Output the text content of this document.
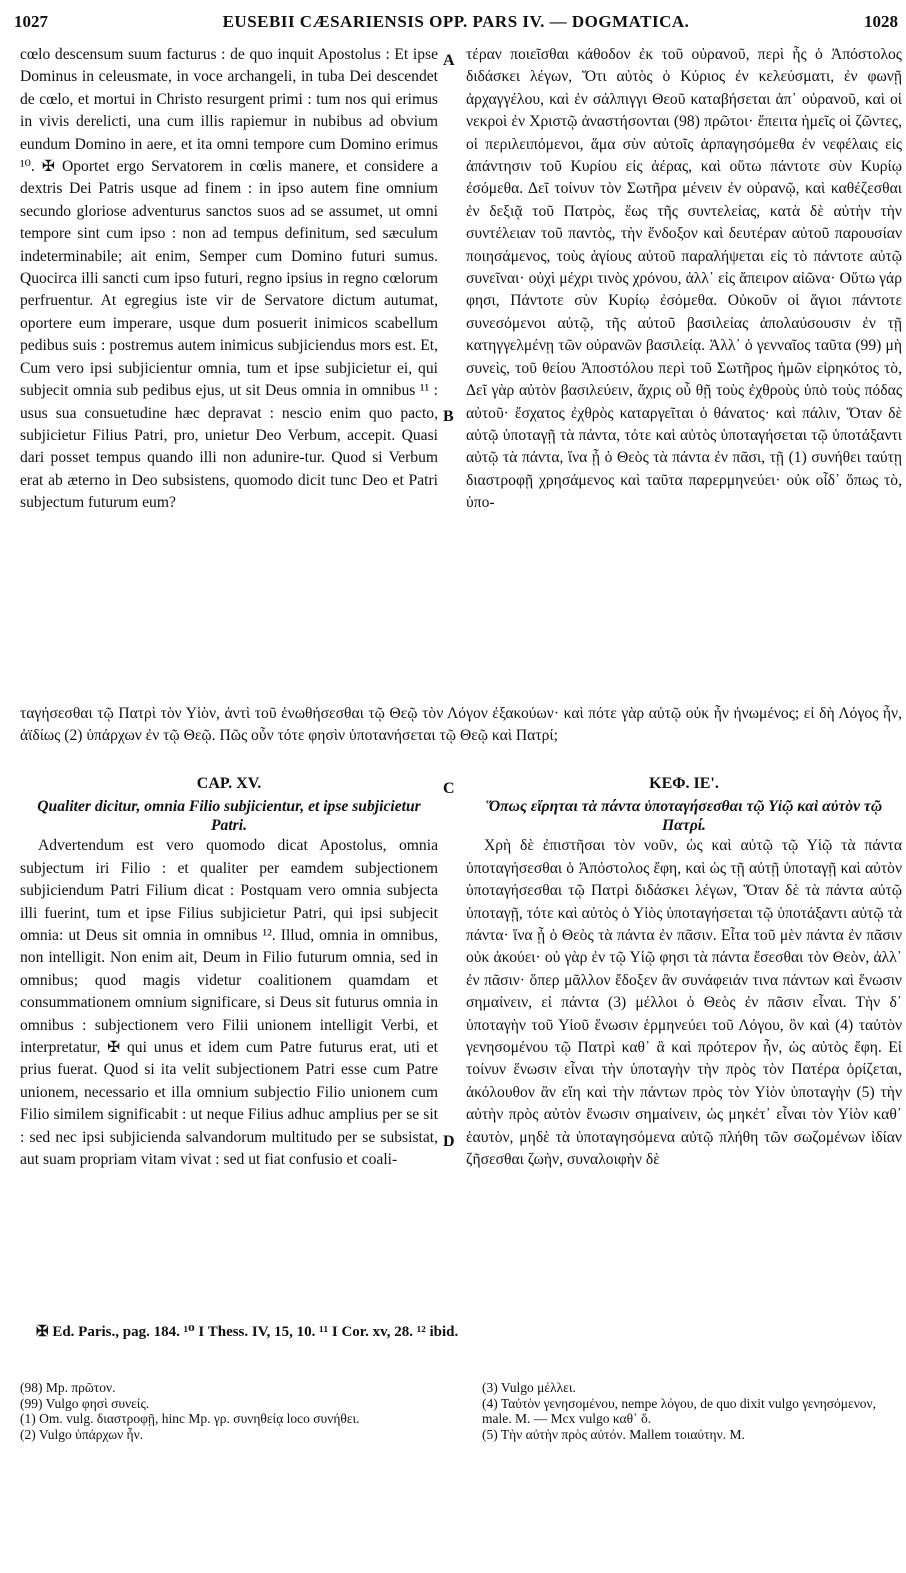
1027	EUSEBII CÆSARIENSIS OPP. PARS IV. — DOGMATICA.	1028

cœlo descensum suum facturus : de quo inquit Apostolus : Et ipse Dominus in celeusmate, in voce archangeli, in tuba Dei descendet de cœlo, et mortui in Christo resurgent primi : tum nos qui erimus in vivis derelicti, una cum illis rapiemur in nubibus ad obvium eundum Domino in aere, et ita omni tempore cum Domino erimus ¹⁰. ✠ Oportet ergo Servatorem in cœlis manere, et considere a dextris Dei Patris usque ad finem : in ipso autem fine omnium secundo gloriose adventurus sanctos suos ad se assumet, ut omni tempore sint cum ipso : non ad tempus definitum, sed sæculum indeterminabile; ait enim, Semper cum Domino futuri sumus. Quocirca illi sancti cum ipso futuri, regno ipsius in regno cœlorum perfruentur. At egregius iste vir de Servatore dictum autumat, oportere eum imperare, usque dum posuerit inimicos scabellum pedibus suis : postremus autem inimicus subjiciendus mors est. Et, Cum vero ipsi subjicientur omnia, tum et ipse subjicietur ei, qui subjecit omnia sub pedibus ejus, ut sit Deus omnia in omnibus ¹¹ : usus sua consuetudine hæc depravat : nescio enim quo pacto, subjicietur Filius Patri, pro, unietur Deo Verbum, accepit. Quasi dari posset tempus quando illi non adunire-tur. Quod si Verbum erat ab æterno in Deo subsistens, quomodo dicit tunc Deo et Patri subjectum futurum eum?

τέραν ποιεῖσθαι κάθοδον ἐκ τοῦ οὐρανοῦ, περὶ ἧς ὁ Ἀπόστολος διδάσκει λέγων, Ὅτι αὐτὸς ὁ Κύριος ἐν κελεύσματι, ἐν φωνῇ ἀρχαγγέλου, καὶ ἐν σάλπιγγι Θεοῦ καταβήσεται ἀπ᾽ οὐρανοῦ, καὶ οἱ νεκροὶ ἐν Χριστῷ ἀναστήσονται (98) πρῶτοι· ἔπειτα ἡμεῖς οἱ ζῶντες, οἱ περιλειπόμενοι, ἅμα σὺν αὐτοῖς ἁρπαγησόμεθα ἐν νεφέλαις εἰς ἀπάντησιν τοῦ Κυρίου εἰς ἀέρας, καὶ οὕτω πάντοτε σὺν Κυρίῳ ἐσόμεθα. Δεῖ τοίνυν τὸν Σωτῆρα μένειν ἐν οὐρανῷ, καὶ καθέζεσθαι ἐν δεξιᾷ τοῦ Πατρὸς, ἕως τῆς συντελείας, κατὰ δὲ αὐτὴν τὴν συντέλειαν τοῦ παντὸς, τὴν ἔνδοξον καὶ δευτέραν αὐτοῦ παρουσίαν ποιησάμενος, τοὺς ἁγίους αὐτοῦ παραλήψεται εἰς τὸ πάντοτε αὐτῷ συνεῖναι· οὐχὶ μέχρι τινὸς χρόνου, ἀλλ᾽ εἰς ἄπειρον αἰῶνα· Οὕτω γάρ φησι, Πάντοτε σὺν Κυρίῳ ἐσόμεθα. Οὐκοῦν οἱ ἅγιοι πάντοτε συνεσόμενοι αὐτῷ, τῆς αὐτοῦ βασιλείας ἀπολαύσουσιν ἐν τῇ κατηγγελμένῃ τῶν οὐρανῶν βασιλείᾳ. Ἀλλ᾽ ὁ γενναῖος ταῦτα (99) μὴ συνεὶς, τοῦ θείου Ἀποστόλου περὶ τοῦ Σωτῆρος ἡμῶν εἰρηκότος τὸ, Δεῖ γὰρ αὐτὸν βασιλεύειν, ἄχρις οὗ θῇ τοὺς ἐχθροὺς ὑπὸ τοὺς πόδας αὐτοῦ· ἔσχατος ἐχθρὸς καταργεῖται ὁ θάνατος· καὶ πάλιν, Ὅταν δὲ αὐτῷ ὑποταγῇ τὰ πάντα, τότε καὶ αὐτὸς ὑποταγήσεται τῷ ὑποτάξαντι αὐτῷ τὰ πάντα, ἵνα ᾖ ὁ Θεὸς τὰ πάντα ἐν πᾶσι, τῇ (1) συνήθει ταύτῃ διαστροφῇ χρησάμενος καὶ ταῦτα παρερμηνεύει· οὐκ οἶδ᾽ ὅπως τὸ, ὑπο-

A
B
C
D

ταγήσεσθαι τῷ Πατρὶ τὸν Υἱὸν, ἀντὶ τοῦ ἑνωθήσεσθαι τῷ Θεῷ τὸν Λόγον ἐξακούων· καὶ πότε γὰρ αὐτῷ οὐκ ἦν ἡνωμένος; εἰ δὴ Λόγος ἦν, ἀϊδίως (2) ὑπάρχων ἐν τῷ Θεῷ. Πῶς οὖν τότε φησὶν ὑποτανήσεται τῷ Θεῷ καὶ Πατρί;

CAP. XV.
Qualiter dicitur, omnia Filio subjicientur, et ipse subjicietur Patri.

Advertendum est vero quomodo dicat Apostolus, omnia subjectum iri Filio : et qualiter per eamdem subjectionem subjiciendum Patri Filium dicat : Postquam vero omnia subjecta illi fuerint, tum et ipse Filius subjicietur Patri, qui ipsi subjecit omnia: ut Deus sit omnia in omnibus ¹². Illud, omnia in omnibus, non intelligit. Non enim ait, Deum in Filio futurum omnia, sed in omnibus; quod magis videtur coalitionem quamdam et consummationem omnium significare, si Deus sit futurus omnia in omnibus : subjectionem vero Filii unionem intelligit Verbi, et interpretatur, ✠ qui unus et idem cum Patre futurus erat, uti et prius fuerat. Quod si ita velit subjectionem Patri esse cum Patre unionem, necessario et illa omnium subjectio Filio unionem cum Filio similem significabit : ut neque Filius adhuc amplius per se sit : sed nec ipsi subjicienda salvandorum multitudo per se subsistat, aut suam propriam vitam vivat : sed ut fiat confusio et coali-

ΚΕΦ. ΙΕ'.
Ὅπως εἴρηται τὰ πάντα ὑποταγήσεσθαι τῷ Υἱῷ καὶ αὐτὸν τῷ Πατρί.

Χρὴ δὲ ἐπιστῆσαι τὸν νοῦν, ὡς καὶ αὐτῷ τῷ Υἱῷ τὰ πάντα ὑποταγήσεσθαι ὁ Ἀπόστολος ἔφη, καὶ ὡς τῇ αὐτῇ ὑποταγῇ καὶ αὐτὸν ὑποταγήσεσθαι τῷ Πατρὶ διδάσκει λέγων, Ὅταν δὲ τὰ πάντα αὐτῷ ὑποταγῇ, τότε καὶ αὐτὸς ὁ Υἱὸς ὑποταγήσεται τῷ ὑποτάξαντι αὐτῷ τὰ πάντα· ἵνα ᾖ ὁ Θεὸς τὰ πάντα ἐν πᾶσιν. Εἶτα τοῦ μὲν πάντα ἐν πᾶσιν οὐκ ἀκούει· οὐ γὰρ ἐν τῷ Υἱῷ φησι τὰ πάντα ἔσεσθαι τὸν Θεὸν, ἀλλ᾽ ἐν πᾶσιν· ὅπερ μᾶλλον ἔδοξεν ἂν συνάφειάν τινα πάντων καὶ ἕνωσιν σημαίνειν, εἰ πάντα (3) μέλλοι ὁ Θεὸς ἐν πᾶσιν εἶναι. Τὴν δ᾽ ὑποταγὴν τοῦ Υἱοῦ ἕνωσιν ἑρμηνεύει τοῦ Λόγου, ὃν καὶ (4) ταὐτὸν γενησομένου τῷ Πατρὶ καθ᾽ ἃ καὶ πρότερον ἦν, ὡς αὐτὸς ἔφη. Εἰ τοίνυν ἕνωσιν εἶναι τὴν ὑποταγὴν τὴν πρὸς τὸν Πατέρα ὁρίζεται, ἀκόλουθον ἂν εἴη καὶ τὴν πάντων πρὸς τὸν Υἱὸν ὑποταγὴν (5) τὴν αὐτὴν πρὸς αὐτὸν ἕνωσιν σημαίνειν, ὡς μηκέτ᾽ εἶναι τὸν Υἱὸν καθ᾽ ἑαυτὸν, μηδὲ τὰ ὑποταγησόμενα αὐτῷ πλήθη τῶν σωζομένων ἰδίαν ζῆσεσθαι ζωὴν, συναλοιφὴν δὲ

✠ Ed. Paris., pag. 184. ¹⁰ I Thess. IV, 15, 10. ¹¹ I Cor. xv, 28. ¹² ibid.

(98) Mp. πρῶτον.

(99) Vulgo φησὶ συνείς.

(1) Om. vulg. διαστροφῇ, hinc Mp. γρ. συνηθείᾳ loco συνήθει.

(2) Vulgo ὑπάρχων ἦν.

(3) Vulgo μέλλει.

(4) Ταὐτὸν γενησομένου, nempe λόγου, de quo dixit vulgo γενησόμενον, male. M. — Mcx vulgo καθ᾽ ὅ.

(5) Τὴν αὐτὴν πρὸς αὐτόν. Mallem τοιαύτην. M.
